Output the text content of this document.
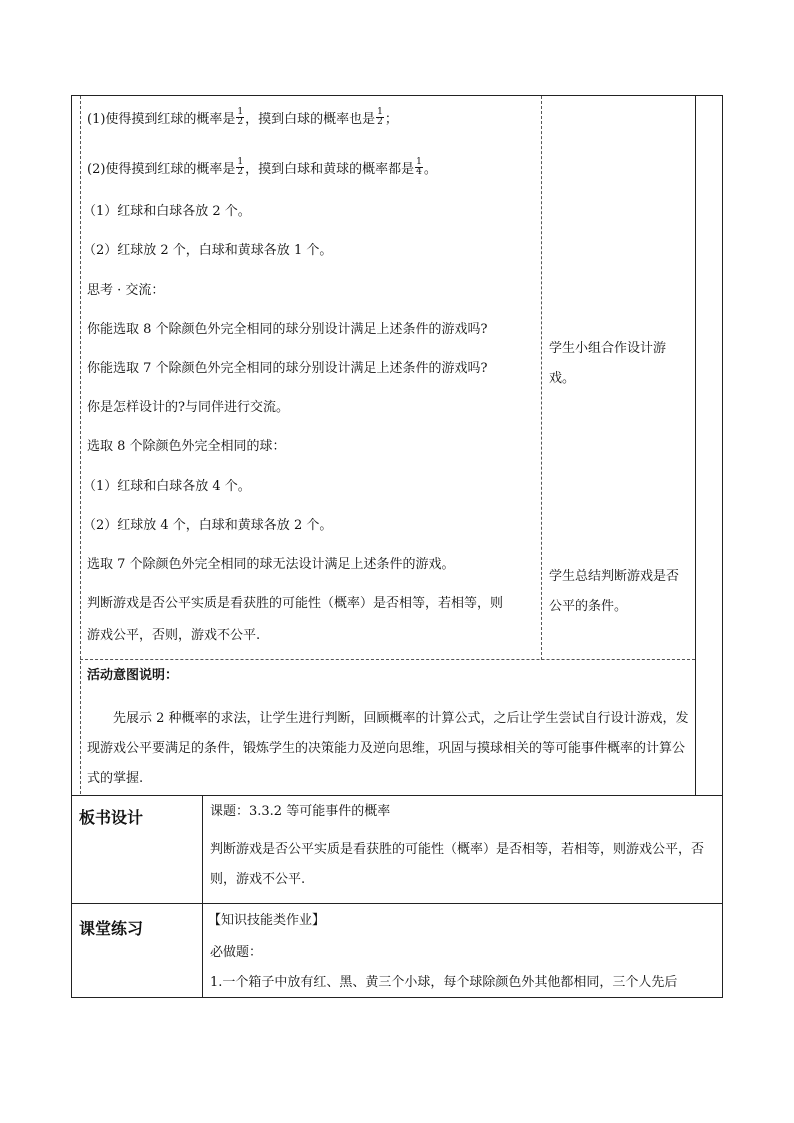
(1)使得摸到红球的概率是 $\frac{1}{2}$ ，摸到白球的概率也是 $\frac{1}{2}$ ；
(2)使得摸到红球的概率是 $\frac{1}{2}$ ，摸到白球和黄球的概率都是 $\frac{1}{4}$ 。
（1）红球和白球各放 2 个。
（2）红球放 2 个，白球和黄球各放 1 个。
思考 · 交流：
你能选取 8 个除颜色外完全相同的球分别设计满足上述条件的游戏吗?
你能选取 7 个除颜色外完全相同的球分别设计满足上述条件的游戏吗?
你是怎样设计的?与同伴进行交流。
选取 8 个除颜色外完全相同的球：
（1）红球和白球各放 4 个。
（2）红球放 4 个，白球和黄球各放 2 个。
选取 7 个除颜色外完全相同的球无法设计满足上述条件的游戏。
判断游戏是否公平实质是看获胜的可能性（概率）是否相等，若相等，则
游戏公平，否则，游戏不公平.
学生小组合作设计游戏。
学生总结判断游戏是否公平的条件。
活动意图说明：
先展示 2 种概率的求法，让学生进行判断，回顾概率的计算公式，之后让学生尝试自行设计游戏，发现游戏公平要满足的条件，锻炼学生的决策能力及逆向思维，巩固与摸球相关的等可能事件概率的计算公式的掌握.
板书设计	课题：3.3.2 等可能事件的概率
判断游戏是否公平实质是看获胜的可能性（概率）是否相等，若相等，则游戏公平，否则，游戏不公平.
课堂练习	【知识技能类作业】
必做题：
1.一个箱子中放有红、黑、黄三个小球，每个球除颜色外其他都相同，三个人先后
